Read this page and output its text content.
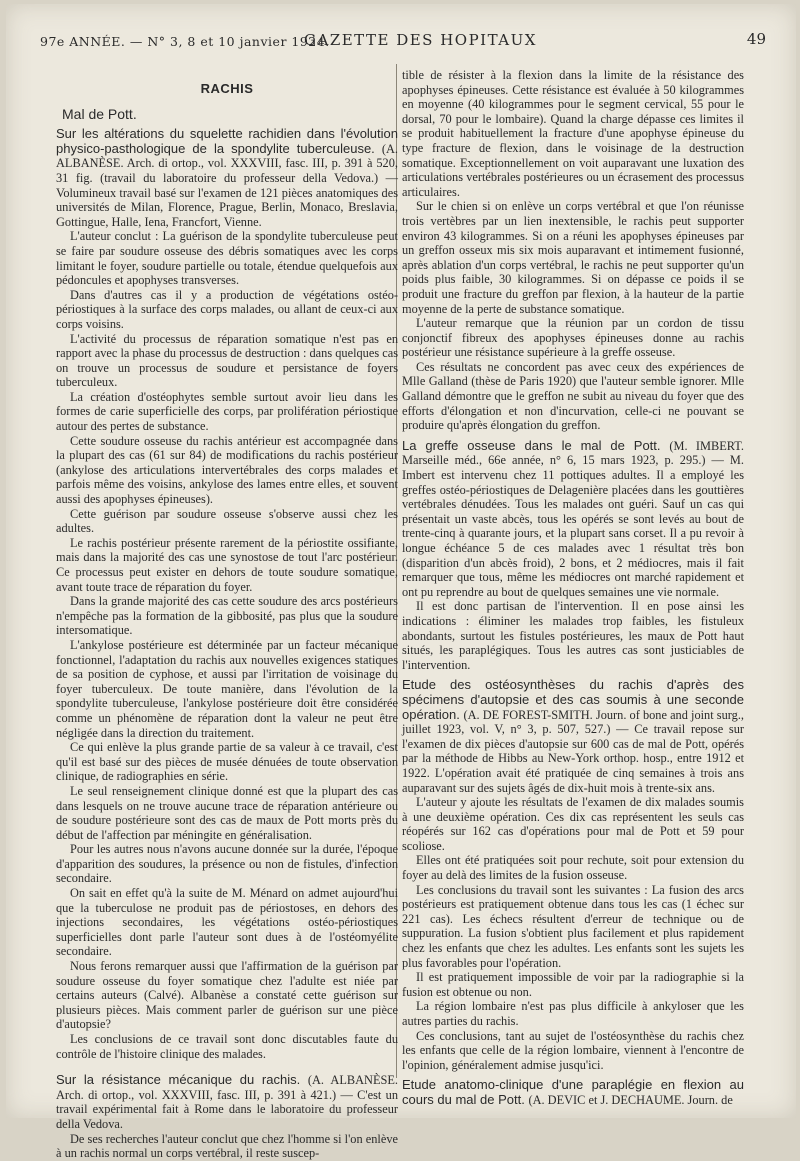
97e ANNÉE. — N° 3, 8 et 10 janvier 1924.
GAZETTE DES HOPITAUX	49
RACHIS
Mal de Pott.
Sur les altérations du squelette rachidien dans l'évolution physico-pasthologique de la spondylite tuberculeuse. (A. ALBANÈSE. Arch. di ortop., vol. XXXVIII, fasc. III, p. 391 à 520, 31 fig. (travail du laboratoire du professeur della Vedova.) — Volumineux travail basé sur l'examen de 121 pièces anatomiques des universités de Milan, Florence, Prague, Berlin, Monaco, Breslavia, Gottingue, Halle, Iena, Francfort, Vienne.

L'auteur conclut : La guérison de la spondylite tuberculeuse peut se faire par soudure osseuse des débris somatiques avec les corps limitant le foyer, soudure partielle ou totale, étendue quelquefois aux pédoncules et apophyses transverses.

Dans d'autres cas il y a production de végétations ostéo-périostiques à la surface des corps malades, ou allant de ceux-ci aux corps voisins.

L'activité du processus de réparation somatique n'est pas en rapport avec la phase du processus de destruction : dans quelques cas on trouve un processus de soudure et persistance de foyers tuberculeux.

La création d'ostéophytes semble surtout avoir lieu dans les formes de carie superficielle des corps, par prolifération périostique autour des pertes de substance.

Cette soudure osseuse du rachis antérieur est accompagnée dans la plupart des cas (61 sur 84) de modifications du rachis postérieur (ankylose des articulations intervertébrales des corps malades et parfois même des voisins, ankylose des lames entre elles, et souvent aussi des apophyses épineuses).

Cette guérison par soudure osseuse s'observe aussi chez les adultes.

Le rachis postérieur présente rarement de la périostite ossifiante, mais dans la majorité des cas une synostose de tout l'arc postérieur. Ce processus peut exister en dehors de toute soudure somatique, avant toute trace de réparation du foyer.

Dans la grande majorité des cas cette soudure des arcs postérieurs n'empêche pas la formation de la gibbosité, pas plus que la soudure intersomatique.

L'ankylose postérieure est déterminée par un facteur mécanique fonctionnel, l'adaptation du rachis aux nouvelles exigences statiques de sa position de cyphose, et aussi par l'irritation de voisinage du foyer tuberculeux. De toute manière, dans l'évolution de la spondylite tuberculeuse, l'ankylose postérieure doit être considérée comme un phénomène de réparation dont la valeur ne peut être négligée dans la direction du traitement.

Ce qui enlève la plus grande partie de sa valeur à ce travail, c'est qu'il est basé sur des pièces de musée dénuées de toute observation clinique, de radiographies en série.

Le seul renseignement clinique donné est que la plupart des cas dans lesquels on ne trouve aucune trace de réparation antérieure ou de soudure postérieure sont des cas de maux de Pott morts près du début de l'affection par méningite en généralisation.

Pour les autres nous n'avons aucune donnée sur la durée, l'époque d'apparition des soudures, la présence ou non de fistules, d'infection secondaire.

On sait en effet qu'à la suite de M. Ménard on admet aujourd'hui que la tuberculose ne produit pas de périostoses, en dehors des injections secondaires, les végétations ostéo-périostiques superficielles dont parle l'auteur sont dues à de l'ostéomyélite secondaire.

Nous ferons remarquer aussi que l'affirmation de la guérison par soudure osseuse du foyer somatique chez l'adulte est niée par certains auteurs (Calvé). Albanèse a constaté cette guérison sur plusieurs pièces. Mais comment parler de guérison sur une pièce d'autopsie?

Les conclusions de ce travail sont donc discutables faute du contrôle de l'histoire clinique des malades.

Sur la résistance mécanique du rachis. (A. ALBANÈSE. Arch. di ortop., vol. XXXVIII, fasc. III, p. 391 à 421.) — C'est un travail expérimental fait à Rome dans le laboratoire du professeur della Vedova.

De ses recherches l'auteur conclut que chez l'homme si l'on enlève à un rachis normal un corps vertébral, il reste suscep-

tible de résister à la flexion dans la limite de la résistance des apophyses épineuses. Cette résistance est évaluée à 50 kilogrammes en moyenne (40 kilogrammes pour le segment cervical, 55 pour le dorsal, 70 pour le lombaire). Quand la charge dépasse ces limites il se produit habituellement la fracture d'une apophyse épineuse du type fracture de flexion, dans le voisinage de la destruction somatique. Exceptionnellement on voit auparavant une luxation des articulations vertébrales postérieures ou un écrasement des processus articulaires.

Sur le chien si on enlève un corps vertébral et que l'on réunisse trois vertèbres par un lien inextensible, le rachis peut supporter environ 43 kilogrammes. Si on a réuni les apophyses épineuses par un greffon osseux mis six mois auparavant et intimement fusionné, après ablation d'un corps vertébral, le rachis ne peut supporter qu'un poids plus faible, 30 kilogrammes. Si on dépasse ce poids il se produit une fracture du greffon par flexion, à la hauteur de la partie moyenne de la perte de substance somatique.

L'auteur remarque que la réunion par un cordon de tissu conjonctif fibreux des apophyses épineuses donne au rachis postérieur une résistance supérieure à la greffe osseuse.

Ces résultats ne concordent pas avec ceux des expériences de Mlle Galland (thèse de Paris 1920) que l'auteur semble ignorer. Mlle Galland démontre que le greffon ne subit au niveau du foyer que des efforts d'élongation et non d'incurvation, celle-ci ne pouvant se produire qu'après élongation du greffon.

La greffe osseuse dans le mal de Pott. (M. IMBERT. Marseille méd., 66e année, n° 6, 15 mars 1923, p. 295.) — M. Imbert est intervenu chez 11 pottiques adultes. Il a employé les greffes ostéo-périostiques de Delagenière placées dans les gouttières vertébrales dénudées. Tous les malades ont guéri. Sauf un cas qui présentait un vaste abcès, tous les opérés se sont levés au bout de trente-cinq à quarante jours, et la plupart sans corset. Il a pu revoir à longue échéance 5 de ces malades avec 1 résultat très bon (disparition d'un abcès froid), 2 bons, et 2 médiocres, mais il fait remarquer que tous, même les médiocres ont marché rapidement et ont pu reprendre au bout de quelques semaines une vie normale.

Il est donc partisan de l'intervention. Il en pose ainsi les indications : éliminer les malades trop faibles, les fistuleux abondants, surtout les fistules postérieures, les maux de Pott haut situés, les paraplégiques. Tous les autres cas sont justiciables de l'intervention.

Etude des ostéosynthèses du rachis d'après des spécimens d'autopsie et des cas soumis à une seconde opération. (A. DE FOREST-SMITH. Journ. of bone and joint surg., juillet 1923, vol. V, n° 3, p. 507, 527.) — Ce travail repose sur l'examen de dix pièces d'autopsie sur 600 cas de mal de Pott, opérés par la méthode de Hibbs au New-York orthop. hosp., entre 1912 et 1922. L'opération avait été pratiquée de cinq semaines à trois ans auparavant sur des sujets âgés de dix-huit mois à trente-six ans.

L'auteur y ajoute les résultats de l'examen de dix malades soumis à une deuxième opération. Ces dix cas représentent les seuls cas réopérés sur 162 cas d'opérations pour mal de Pott et 59 pour scoliose.

Elles ont été pratiquées soit pour rechute, soit pour extension du foyer au delà des limites de la fusion osseuse.

Les conclusions du travail sont les suivantes : La fusion des arcs postérieurs est pratiquement obtenue dans tous les cas (1 échec sur 221 cas). Les échecs résultent d'erreur de technique ou de suppuration. La fusion s'obtient plus facilement et plus rapidement chez les enfants que chez les adultes. Les enfants sont les sujets les plus favorables pour l'opération.

Il est pratiquement impossible de voir par la radiographie si la fusion est obtenue ou non.

La région lombaire n'est pas plus difficile à ankyloser que les autres parties du rachis.

Ces conclusions, tant au sujet de l'ostéosynthèse du rachis chez les enfants que celle de la région lombaire, viennent à l'encontre de l'opinion, généralement admise jusqu'ici.

Etude anatomo-clinique d'une paraplégie en flexion au cours du mal de Pott. (A. DEVIC et J. DECHAUME. Journ. de
